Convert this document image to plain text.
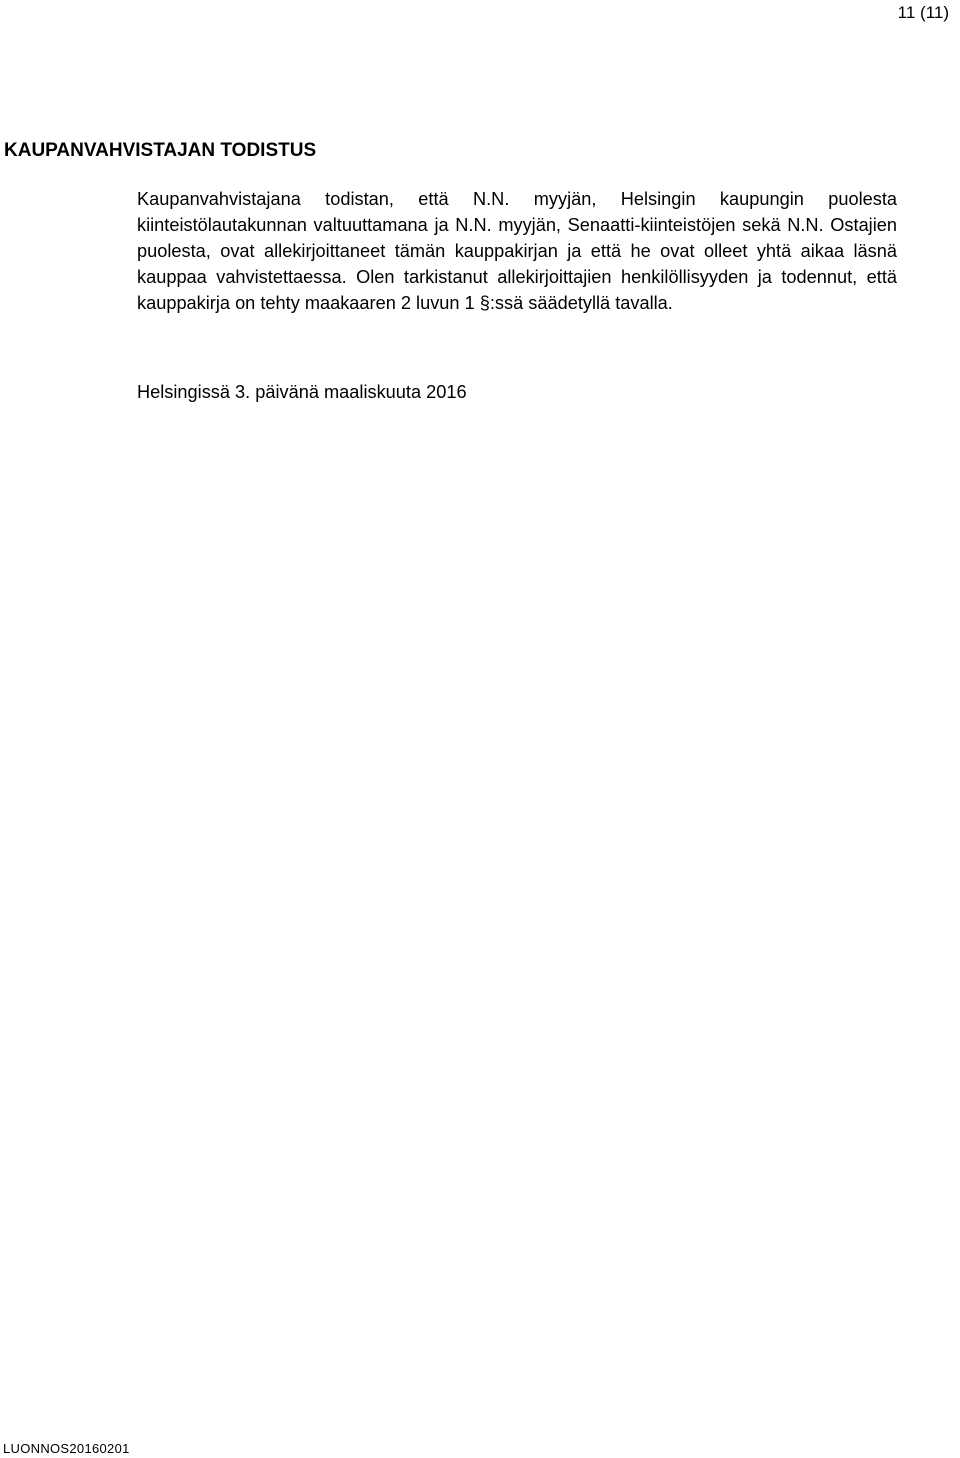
11 (11)
KAUPANVAHVISTAJAN TODISTUS

Kaupanvahvistajana todistan, että N.N. myyjän, Helsingin kaupungin puolesta kiinteistölautakunnan valtuuttamana ja N.N. myyjän, Senaatti-kiinteistöjen sekä N.N. Ostajien puolesta, ovat allekirjoittaneet tämän kauppakirjan ja että he ovat olleet yhtä aikaa läsnä kauppaa vahvistettaessa. Olen tarkistanut allekirjoittajien henkilöllisyyden ja todennut, että kauppakirja on tehty maakaaren 2 luvun 1 §:ssä säädetyllä tavalla.

Helsingissä 3. päivänä maaliskuuta 2016
LUONNOS20160201
